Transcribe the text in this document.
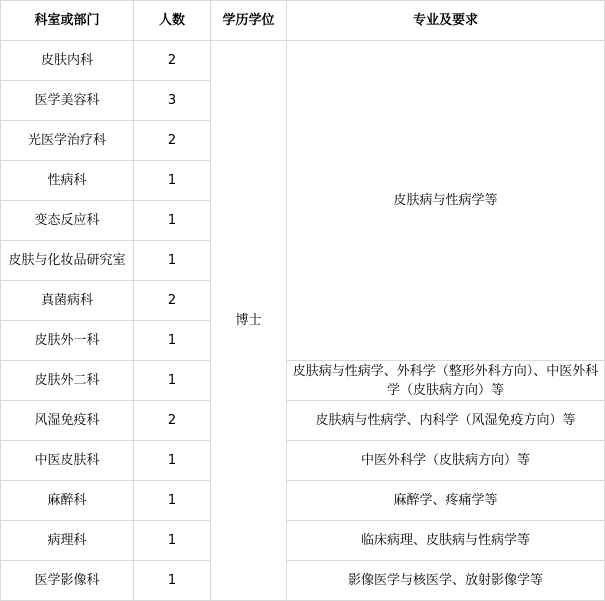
科室或部门	人数	学历学位	专业及要求
皮肤内科	2	博士	皮肤病与性病学等
医学美容科	3		
光医学治疗科	2		
性病科	1		
变态反应科	1		
皮肤与化妆品研究室	1		
真菌病科	2		
皮肤外一科	1		
皮肤外二科	1		皮肤病与性病学、外科学（整形外科方向）、中医外科学（皮肤病方向）等
风湿免疫科	2		皮肤病与性病学、内科学（风湿免疫方向）等
中医皮肤科	1		中医外科学（皮肤病方向）等
麻醉科	1		麻醉学、疼痛学等
病理科	1		临床病理、皮肤病与性病学等
医学影像科	1		影像医学与核医学、放射影像学等
